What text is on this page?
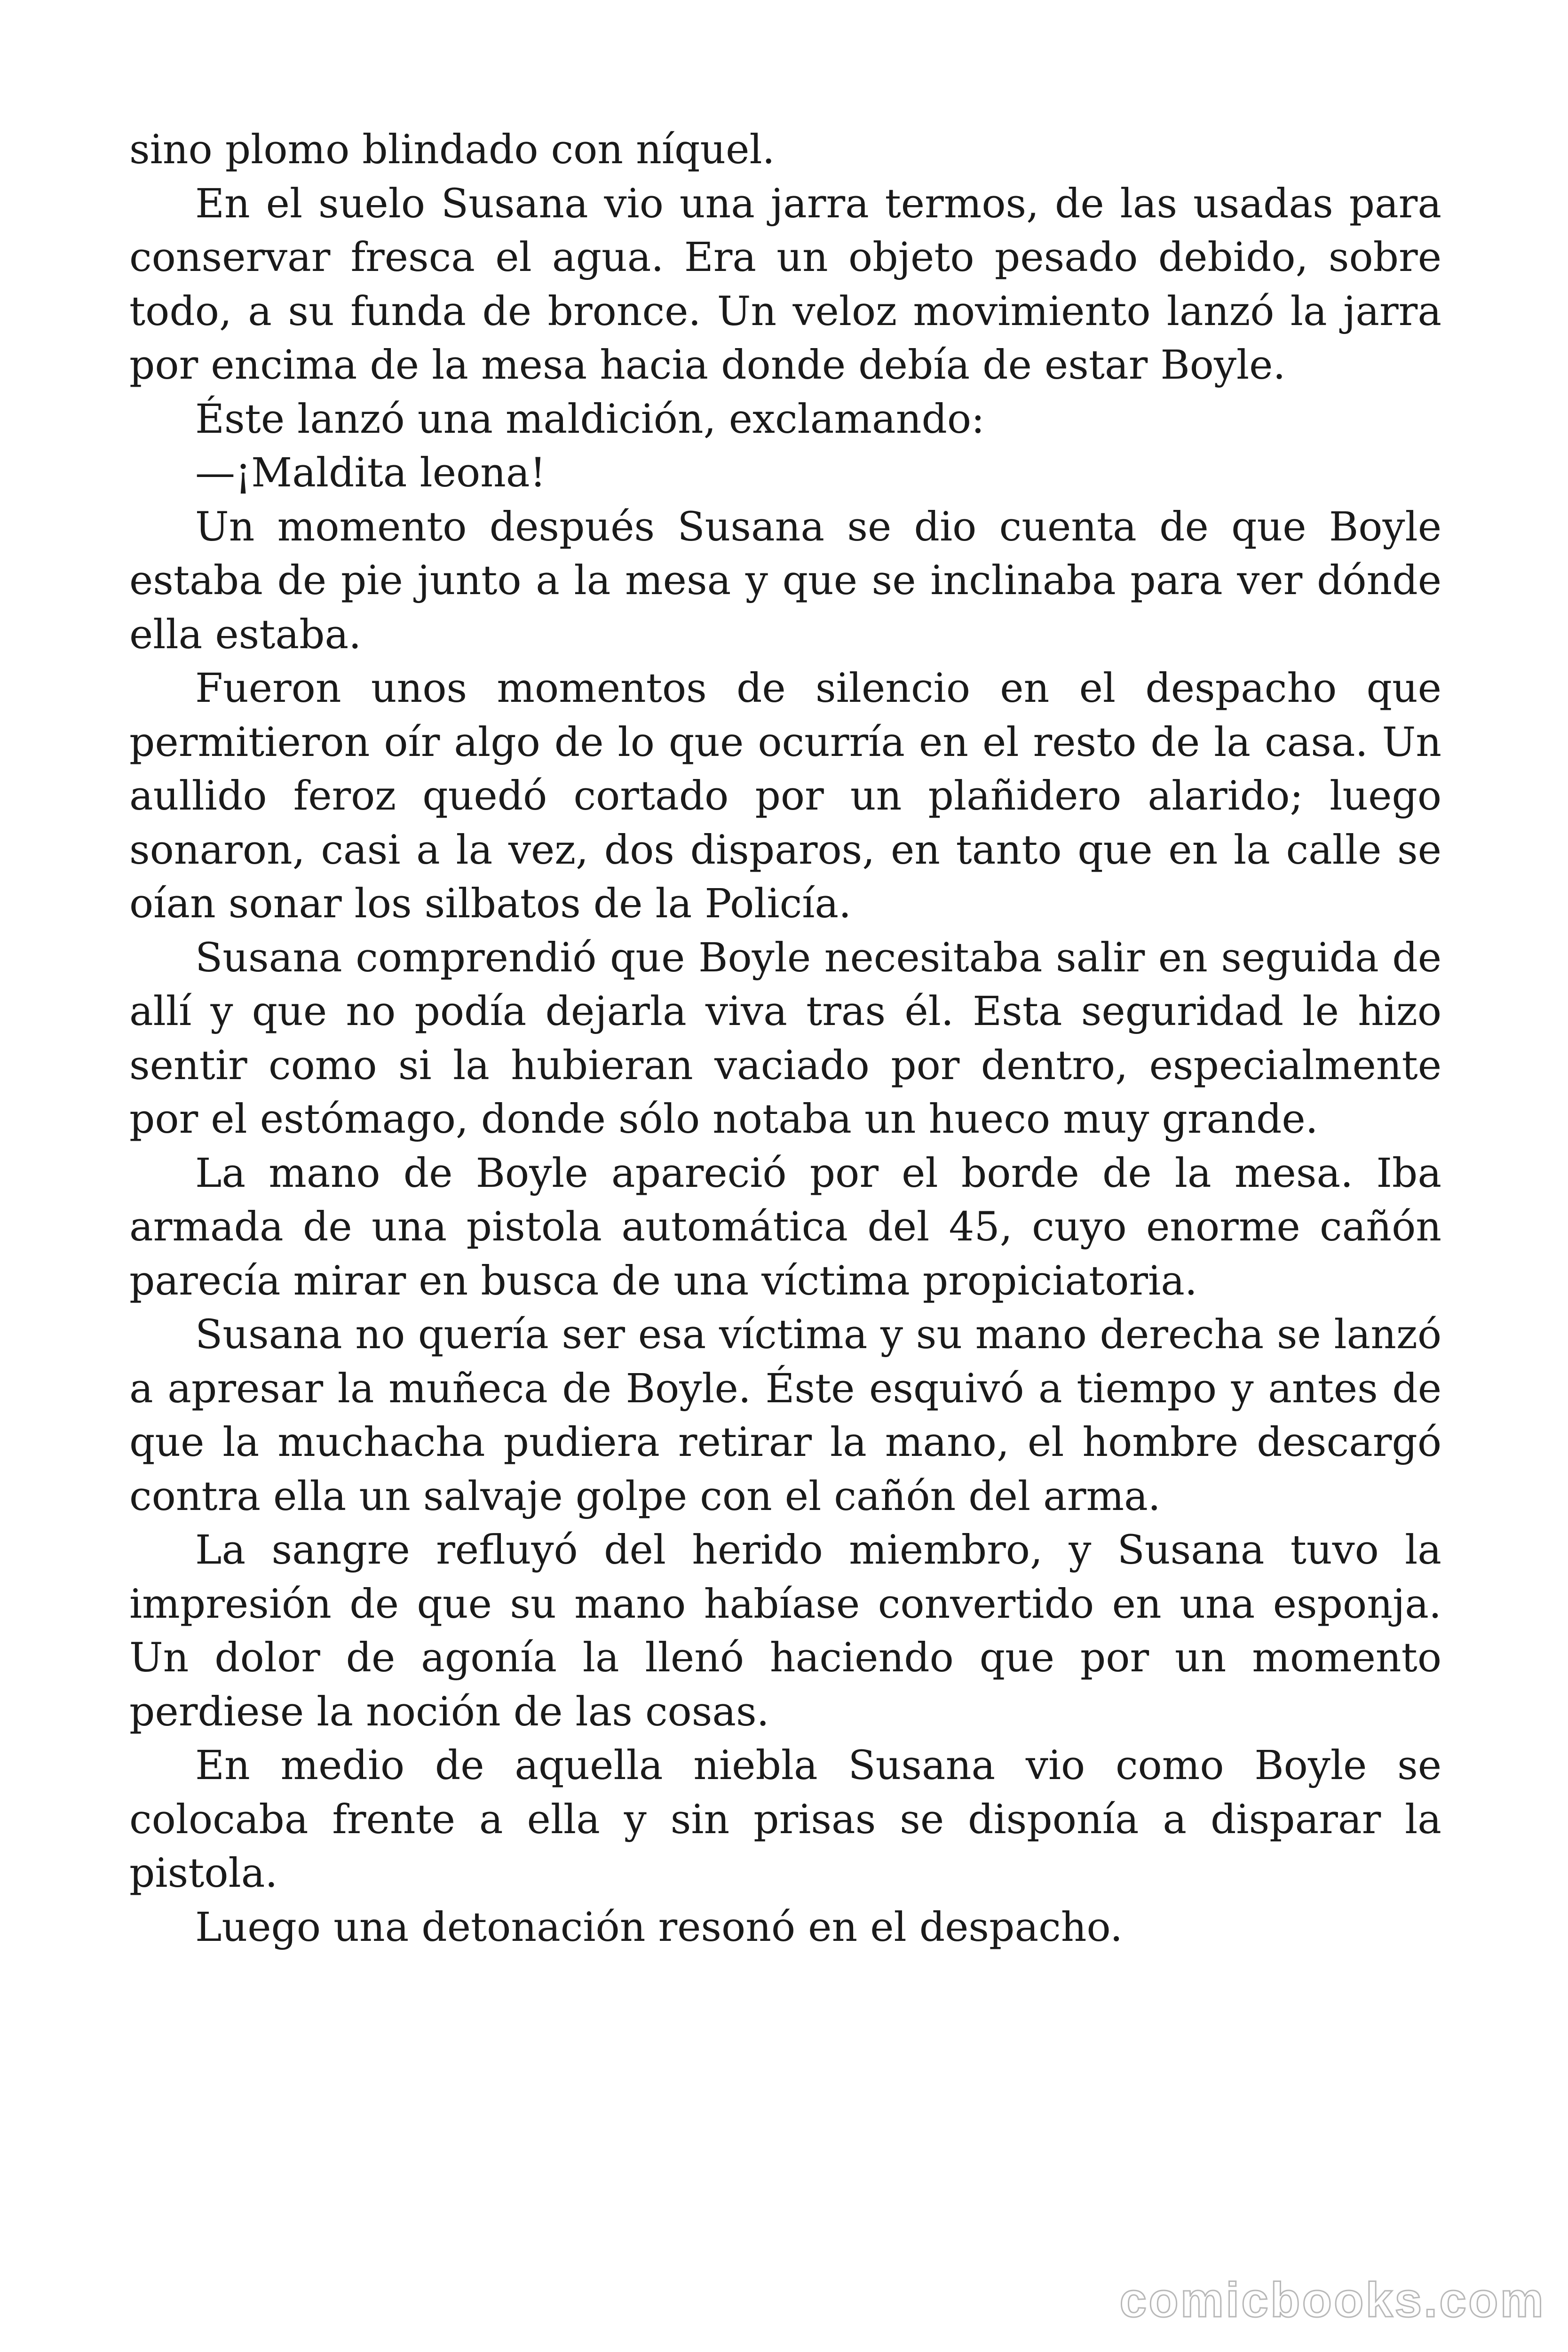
sino plomo blindado con níquel.

En el suelo Susana vio una jarra termos, de las usadas para conservar fresca el agua. Era un objeto pesado debido, sobre todo, a su funda de bronce. Un veloz movimiento lanzó la jarra por encima de la mesa hacia donde debía de estar Boyle.

Éste lanzó una maldición, exclamando:

—¡Maldita leona!

Un momento después Susana se dio cuenta de que Boyle estaba de pie junto a la mesa y que se inclinaba para ver dónde ella estaba.

Fueron unos momentos de silencio en el despacho que permitieron oír algo de lo que ocurría en el resto de la casa. Un aullido feroz quedó cortado por un plañidero alarido; luego sonaron, casi a la vez, dos disparos, en tanto que en la calle se oían sonar los silbatos de la Policía.

Susana comprendió que Boyle necesitaba salir en seguida de allí y que no podía dejarla viva tras él. Esta seguridad le hizo sentir como si la hubieran vaciado por dentro, especialmente por el estómago, donde sólo notaba un hueco muy grande.

La mano de Boyle apareció por el borde de la mesa. Iba armada de una pistola automática del 45, cuyo enorme cañón parecía mirar en busca de una víctima propiciatoria.

Susana no quería ser esa víctima y su mano derecha se lanzó a apresar la muñeca de Boyle. Éste esquivó a tiempo y antes de que la muchacha pudiera retirar la mano, el hombre descargó contra ella un salvaje golpe con el cañón del arma.

La sangre refluyó del herido miembro, y Susana tuvo la impresión de que su mano habíase convertido en una esponja. Un dolor de agonía la llenó haciendo que por un momento perdiese la noción de las cosas.

En medio de aquella niebla Susana vio como Boyle se colocaba frente a ella y sin prisas se disponía a disparar la pistola.

Luego una detonación resonó en el despacho.

comicbooks.com
